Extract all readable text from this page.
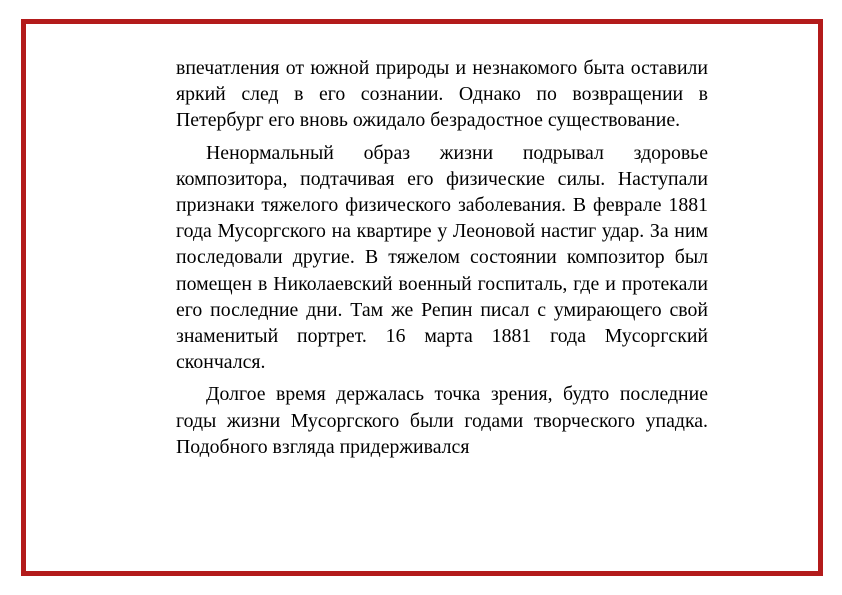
впечатления от южной природы и незнакомого быта оставили яркий след в его сознании. Однако по возвращении в Петербург его вновь ожидало безрадостное существование.

Ненормальный образ жизни подрывал здоровье композитора, подтачивая его физические силы. Наступали признаки тяжелого физического заболевания. В феврале 1881 года Мусоргского на квартире у Леоновой настиг удар. За ним последовали другие. В тяжелом состоянии композитор был помещен в Николаевский военный госпиталь, где и протекали его последние дни. Там же Репин писал с умирающего свой знаменитый портрет. 16 марта 1881 года Мусоргский скончался.

Долгое время держалась точка зрения, будто последние годы жизни Мусоргского были годами творческого упадка. Подобного взгляда придерживался
